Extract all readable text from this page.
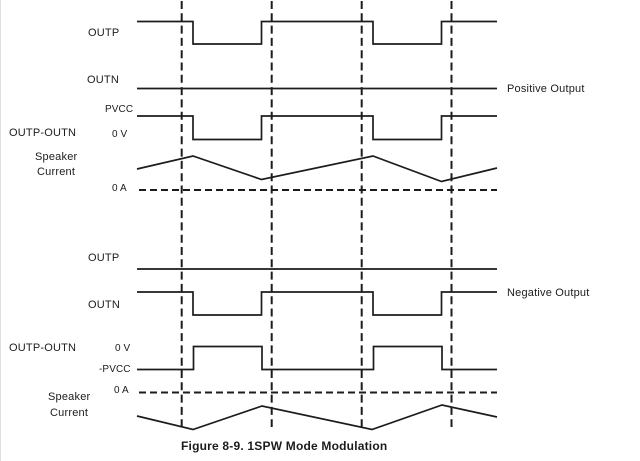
OUTP
OUTN
PVCC
OUTP-OUTN	0 V
Speaker
Current
0 A
Positive Output
OUTP
OUTN
OUTP-OUTN	0 V
-PVCC
0 A
Speaker
Current
Negative Output
Figure 8-9. 1SPW Mode Modulation
